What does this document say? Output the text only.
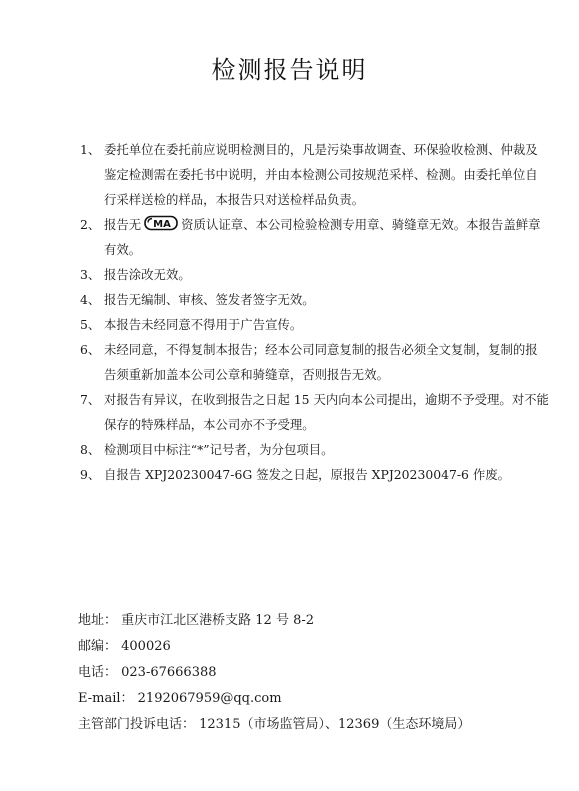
检测报告说明
1、 委托单位在委托前应说明检测目的，凡是污染事故调查、环保验收检测、仲裁及鉴定检测需在委托书中说明，并由本检测公司按规范采样、检测。由委托单位自行采样送检的样品，本报告只对送检样品负责。

2、 报告无 MA 资质认证章、本公司检验检测专用章、骑缝章无效。本报告盖鲜章有效。

3、 报告涂改无效。

4、 报告无编制、审核、签发者签字无效。

5、 本报告未经同意不得用于广告宣传。

6、 未经同意，不得复制本报告；经本公司同意复制的报告必须全文复制，复制的报告须重新加盖本公司公章和骑缝章，否则报告无效。

7、 对报告有异议，在收到报告之日起 15 天内向本公司提出，逾期不予受理。对不能保存的特殊样品，本公司亦不予受理。

8、 检测项目中标注“*”记号者，为分包项目。

9、 自报告 XPJ20230047-6G 签发之日起，原报告 XPJ20230047-6 作废。

地址： 重庆市江北区港桥支路 12 号 8-2
邮编： 400026
电话： 023-67666388
E-mail： 2192067959@qq.com
主管部门投诉电话： 12315（市场监管局）、12369（生态环境局）
